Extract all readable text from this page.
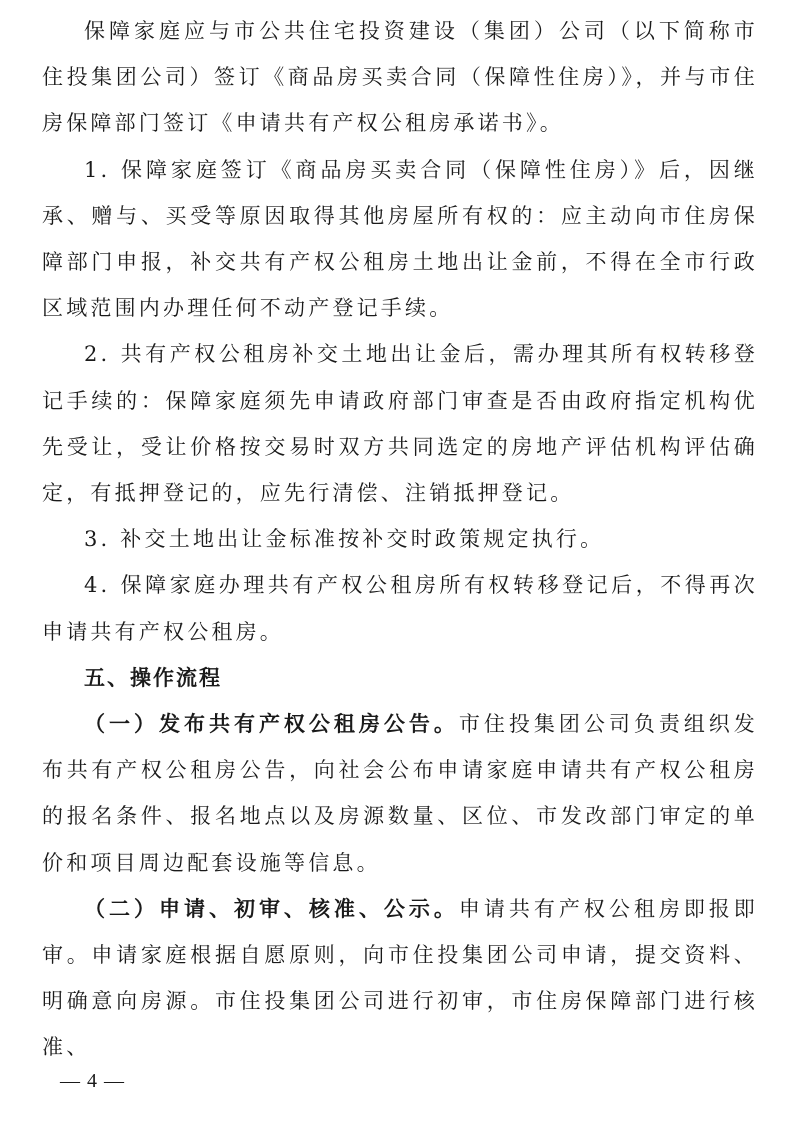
保障家庭应与市公共住宅投资建设（集团）公司（以下简称市住投集团公司）签订《商品房买卖合同（保障性住房）》，并与市住房保障部门签订《申请共有产权公租房承诺书》。

1. 保障家庭签订《商品房买卖合同（保障性住房）》后，因继承、赠与、买受等原因取得其他房屋所有权的：应主动向市住房保障部门申报，补交共有产权公租房土地出让金前，不得在全市行政区域范围内办理任何不动产登记手续。

2. 共有产权公租房补交土地出让金后，需办理其所有权转移登记手续的：保障家庭须先申请政府部门审查是否由政府指定机构优先受让，受让价格按交易时双方共同选定的房地产评估机构评估确定，有抵押登记的，应先行清偿、注销抵押登记。

3. 补交土地出让金标准按补交时政策规定执行。

4. 保障家庭办理共有产权公租房所有权转移登记后，不得再次申请共有产权公租房。

五、操作流程

（一）发布共有产权公租房公告。市住投集团公司负责组织发布共有产权公租房公告，向社会公布申请家庭申请共有产权公租房的报名条件、报名地点以及房源数量、区位、市发改部门审定的单价和项目周边配套设施等信息。

（二）申请、初审、核准、公示。申请共有产权公租房即报即审。申请家庭根据自愿原则，向市住投集团公司申请，提交资料、明确意向房源。市住投集团公司进行初审，市住房保障部门进行核准、

— 4 —
